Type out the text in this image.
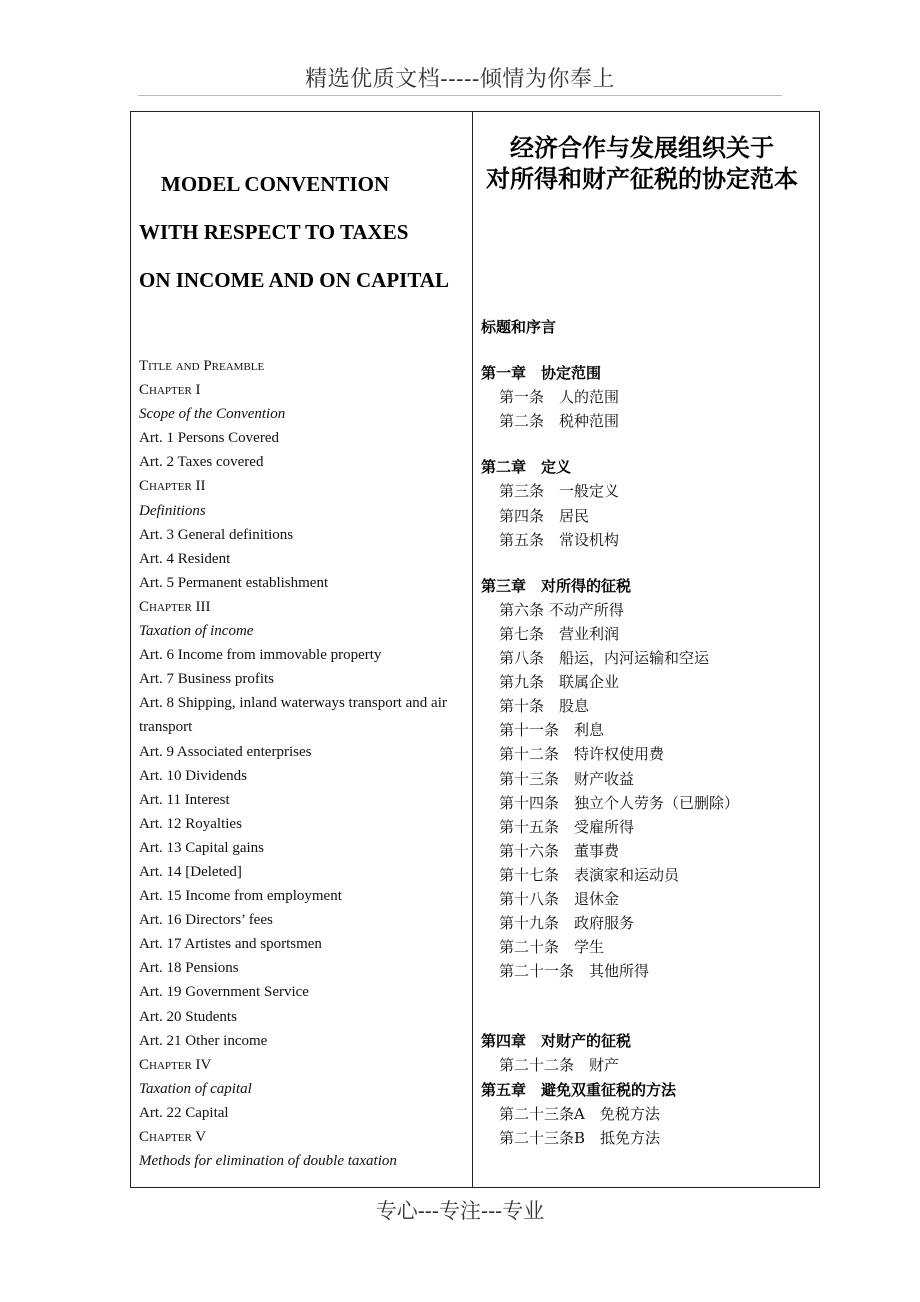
精选优质文档-----倾情为你奉上
MODEL CONVENTION
WITH RESPECT TO TAXES
ON INCOME AND ON CAPITAL
Title and Preamble
Chapter I
Scope of the Convention
Art. 1 Persons Covered
Art. 2 Taxes covered
Chapter II
Definitions
Art. 3 General definitions
Art. 4 Resident
Art. 5 Permanent establishment
Chapter III
Taxation of income
Art. 6 Income from immovable property
Art. 7 Business profits
Art. 8 Shipping, inland waterways transport and air transport
Art. 9 Associated enterprises
Art. 10 Dividends
Art. 11 Interest
Art. 12 Royalties
Art. 13 Capital gains
Art. 14 [Deleted]
Art. 15 Income from employment
Art. 16 Directors’ fees
Art. 17 Artistes and sportsmen
Art. 18 Pensions
Art. 19 Government Service
Art. 20 Students
Art. 21 Other income
Chapter IV
Taxation of capital
Art. 22 Capital
Chapter V
Methods for elimination of double taxation
经济合作与发展组织关于
对所得和财产征税的协定范本
标题和序言
第一章　协定范围
第一条　人的范围
第二条　税种范围
第二章　定义
第三条　一般定义
第四条　居民
第五条　常设机构
第三章　对所得的征税
第六条 不动产所得
第七条　营业利润
第八条　船运，内河运输和空运
第九条　联属企业
第十条　股息
第十一条　利息
第十二条　特许权使用费
第十三条　财产收益
第十四条　独立个人劳务（已删除）
第十五条　受雇所得
第十六条　董事费
第十七条　表演家和运动员
第十八条　退休金
第十九条　政府服务
第二十条　学生
第二十一条　其他所得
第四章　对财产的征税
第二十二条　财产
第五章　避免双重征税的方法
第二十三条A　免税方法
第二十三条B　抵免方法
专心---专注---专业
